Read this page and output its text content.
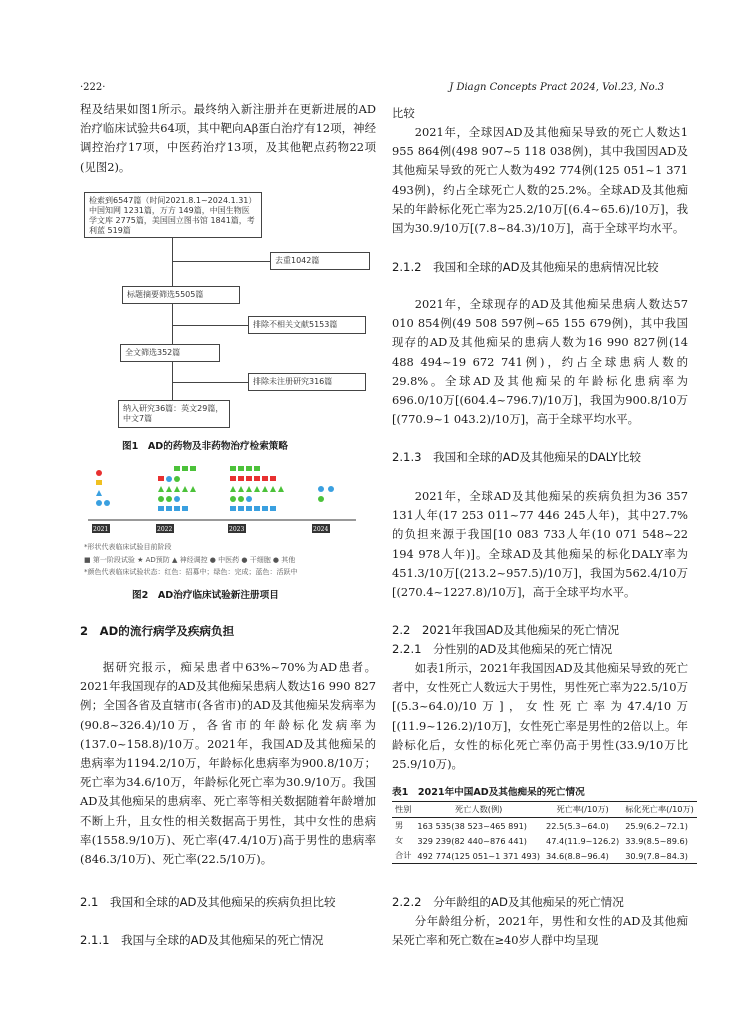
·222·	J Diagn Concepts Pract 2024, Vol.23, No.3

程及结果如图1所示。最终纳入新注册并在更新进展的AD治疗临床试验共64项，其中靶向Aβ蛋白治疗有12项，神经调控治疗17项，中医药治疗13项，及其他靶点药物22项(见图2)。

检索到6547篇（时间2021.8.1~2024.1.31）中国知网 1231篇，万方 149篇，中国生物医学文库 2775篇，美国国立图书馆 1841篇，考利蓝 519篇
去重1042篇
标题摘要筛选5505篇
排除不相关文献5153篇
全文筛选352篇
排除未注册研究316篇
纳入研究36篇：英文29篇，中文7篇
图1　AD的药物及非药物治疗检索策略
2021	2022	2023	2024
*形状代表临床试验目前阶段
■ 第一阶段试验 ★ AD预防 ▲ 神经调控 ● 中医药 ● 干细胞 ● 其他
*颜色代表临床试验状态：红色：招募中；绿色：完成；蓝色：活跃中
图2　AD治疗临床试验新注册项目
2　AD的流行病学及疾病负担

据研究报示，痴呆患者中63%~70%为AD患者。2021年我国现存的AD及其他痴呆患病人数达16 990 827例；全国各省及直辖市(各省市)的AD及其他痴呆发病率为(90.8~326.4)/10万，各省市的年龄标化发病率为(137.0~158.8)/10万。2021年，我国AD及其他痴呆的患病率为1194.2/10万，年龄标化患病率为900.8/10万；死亡率为34.6/10万，年龄标化死亡率为30.9/10万。我国AD及其他痴呆的患病率、死亡率等相关数据随着年龄增加不断上升，且女性的相关数据高于男性，其中女性的患病率(1558.9/10万)、死亡率(47.4/10万)高于男性的患病率(846.3/10万)、死亡率(22.5/10万)。

2.1　我国和全球的AD及其他痴呆的疾病负担比较
2.1.1　我国与全球的AD及其他痴呆的死亡情况

比较

2021年，全球因AD及其他痴呆导致的死亡人数达1 955 864例(498 907~5 118 038例)，其中我国因AD及其他痴呆导致的死亡人数为492 774例(125 051~1 371 493例)，约占全球死亡人数的25.2%。全球AD及其他痴呆的年龄标化死亡率为25.2/10万[(6.4~65.6)/10万]，我国为30.9/10万[(7.8~84.3)/10万]，高于全球平均水平。

2.1.2　我国和全球的AD及其他痴呆的患病情况比较

2021年，全球现存的AD及其他痴呆患病人数达57 010 854例(49 508 597例~65 155 679例)，其中我国现存的AD及其他痴呆的患病人数为16 990 827例(14 488 494~19 672 741例)，约占全球患病人数的29.8%。全球AD及其他痴呆的年龄标化患病率为696.0/10万[(604.4~796.7)/10万]，我国为900.8/10万[(770.9~1 043.2)/10万]，高于全球平均水平。

2.1.3　我国和全球的AD及其他痴呆的DALY比较

2021年，全球AD及其他痴呆的疾病负担为36 357 131人年(17 253 011~77 446 245人年)，其中27.7%的负担来源于我国[10 083 733人年(10 071 548~22 194 978人年)]。全球AD及其他痴呆的标化DALY率为451.3/10万[(213.2~957.5)/10万]，我国为562.4/10万[(270.4~1227.8)/10万]，高于全球平均水平。

2.2　2021年我国AD及其他痴呆的死亡情况
2.2.1　分性别的AD及其他痴呆的死亡情况

如表1所示，2021年我国因AD及其他痴呆导致的死亡者中，女性死亡人数远大于男性，男性死亡率为22.5/10万[(5.3~64.0)/10万]，女性死亡率为47.4/10万[(11.9~126.2)/10万]，女性死亡率是男性的2倍以上。年龄标化后，女性的标化死亡率仍高于男性(33.9/10万比25.9/10万)。

表1　2021年中国AD及其他痴呆的死亡情况
性别	死亡人数(例)	死亡率(/10万)	标化死亡率(/10万)
男	163 535(38 523~465 891)	22.5(5.3~64.0)	25.9(6.2~72.1)
女	329 239(82 440~876 441)	47.4(11.9~126.2)	33.9(8.5~89.6)
合计	492 774(125 051~1 371 493)	34.6(8.8~96.4)	30.9(7.8~84.3)
2.2.2　分年龄组的AD及其他痴呆的死亡情况

分年龄组分析，2021年，男性和女性的AD及其他痴呆死亡率和死亡数在≥40岁人群中均呈现
